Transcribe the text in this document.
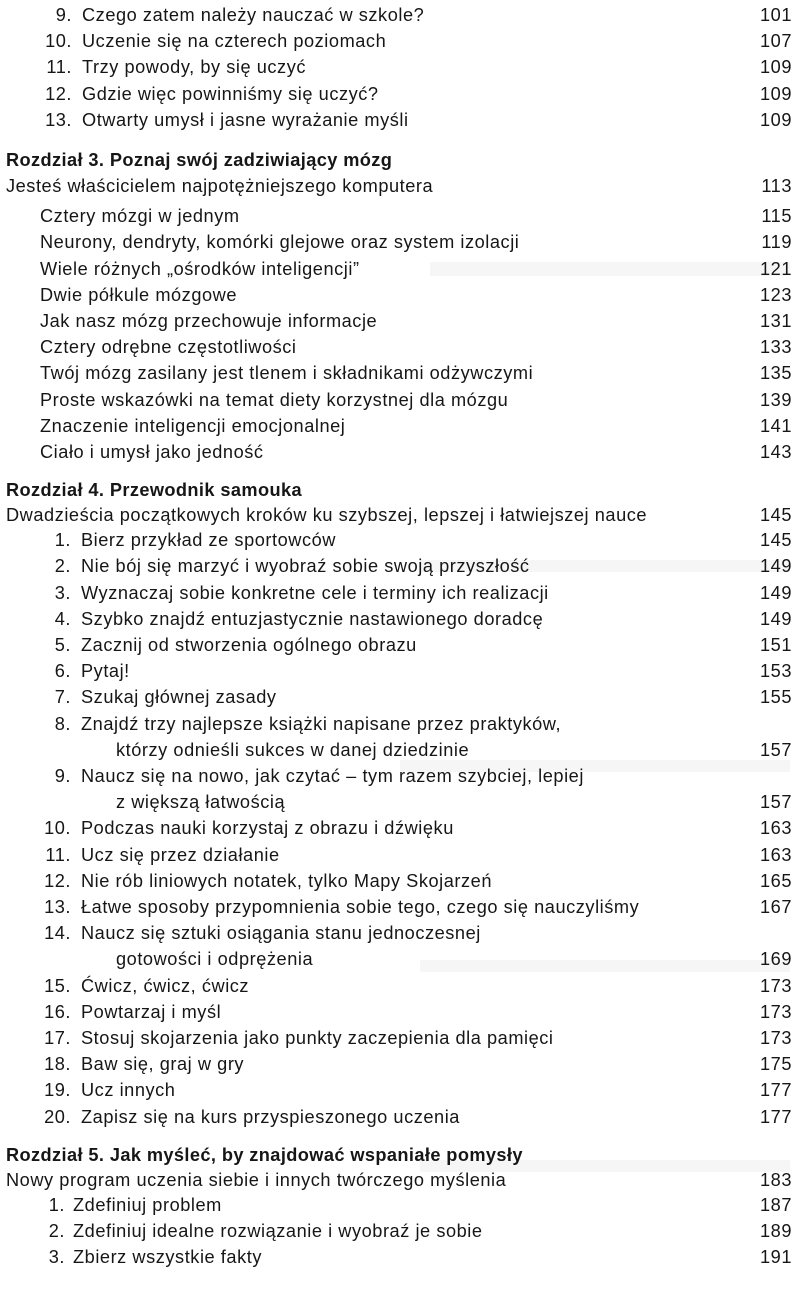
9. Czego zatem należy nauczać w szkole?	101
10. Uczenie się na czterech poziomach	107
11. Trzy powody, by się uczyć	109
12. Gdzie więc powinniśmy się uczyć?	109
13. Otwarty umysł i jasne wyrażanie myśli	109
Rozdział 3. Poznaj swój zadziwiający mózg
Jesteś właścicielem najpotężniejszego komputera	113
Cztery mózgi w jednym	115
Neurony, dendryty, komórki glejowe oraz system izolacji	119
Wiele różnych „ośrodków inteligencji”	121
Dwie półkule mózgowe	123
Jak nasz mózg przechowuje informacje	131
Cztery odrębne częstotliwości	133
Twój mózg zasilany jest tlenem i składnikami odżywczymi	135
Proste wskazówki na temat diety korzystnej dla mózgu	139
Znaczenie inteligencji emocjonalnej	141
Ciało i umysł jako jedność	143
Rozdział 4. Przewodnik samouka
Dwadzieścia początkowych kroków ku szybszej, lepszej i łatwiejszej nauce	145
1. Bierz przykład ze sportowców	145
2. Nie bój się marzyć i wyobraź sobie swoją przyszłość	149
3. Wyznaczaj sobie konkretne cele i terminy ich realizacji	149
4. Szybko znajdź entuzjastycznie nastawionego doradcę	149
5. Zacznij od stworzenia ogólnego obrazu	151
6. Pytaj!	153
7. Szukaj głównej zasady	155
8. Znajdź trzy najlepsze książki napisane przez praktyków,
którzy odnieśli sukces w danej dziedzinie	157
9. Naucz się na nowo, jak czytać – tym razem szybciej, lepiej
z większą łatwością	157
10. Podczas nauki korzystaj z obrazu i dźwięku	163
11. Ucz się przez działanie	163
12. Nie rób liniowych notatek, tylko Mapy Skojarzeń	165
13. Łatwe sposoby przypomnienia sobie tego, czego się nauczyliśmy	167
14. Naucz się sztuki osiągania stanu jednoczesnej
gotowości i odprężenia	169
15. Ćwicz, ćwicz, ćwicz	173
16. Powtarzaj i myśl	173
17. Stosuj skojarzenia jako punkty zaczepienia dla pamięci	173
18. Baw się, graj w gry	175
19. Ucz innych	177
20. Zapisz się na kurs przyspieszonego uczenia	177
Rozdział 5. Jak myśleć, by znajdować wspaniałe pomysły
Nowy program uczenia siebie i innych twórczego myślenia	183
1. Zdefiniuj problem	187
2. Zdefiniuj idealne rozwiązanie i wyobraź je sobie	189
3. Zbierz wszystkie fakty	191
